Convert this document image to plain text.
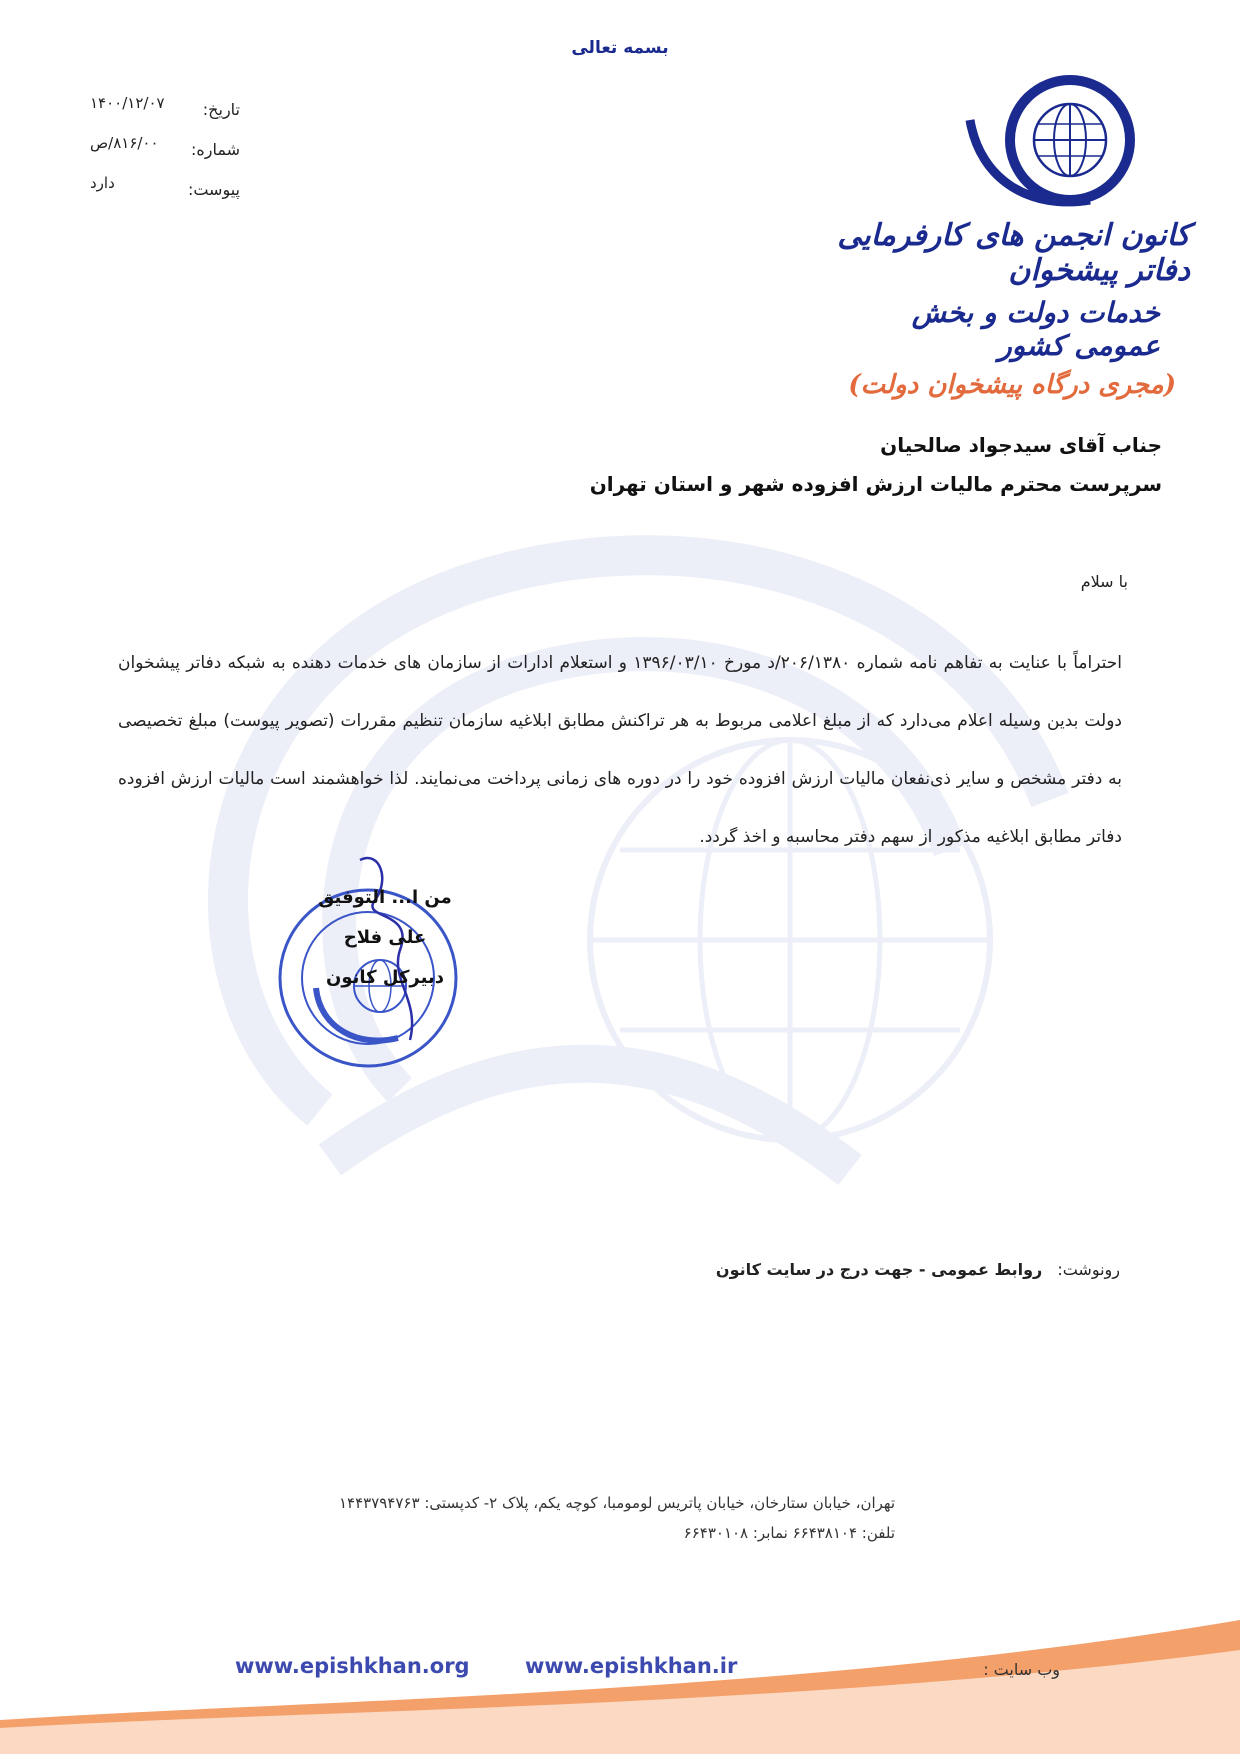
بسمه تعالی
تاریخ:
۱۴۰۰/۱۲/۰۷
شماره:
۸۱۶/۰۰/ص
پیوست:
دارد
کانون انجمن های کارفرمایی دفاتر پیشخوان
خدمات دولت و بخش عمومی کشور
(مجری درگاه پیشخوان دولت)
جناب آقای سیدجواد صالحیان
سرپرست محترم مالیات ارزش افزوده شهر و استان تهران
با سلام
احتراماً با عنایت به تفاهم نامه شماره ۲۰۶/۱۳۸۰/د مورخ ۱۳۹۶/۰۳/۱۰ و استعلام ادارات از سازمان های خدمات دهنده به شبکه دفاتر پیشخوان دولت بدین وسیله اعلام می‌دارد که از مبلغ اعلامی مربوط به هر تراکنش مطابق ابلاغیه سازمان تنظیم مقررات (تصویر پیوست) مبلغ تخصیصی به دفتر مشخص و سایر ذی‌نفعان مالیات ارزش افزوده خود را در دوره های زمانی پرداخت می‌نمایند. لذا خواهشمند است مالیات ارزش افزوده دفاتر مطابق ابلاغیه مذکور از سهم دفتر محاسبه و اخذ گردد.
من ا... التوفیق
علی فلاح
دبیرکل کانون
رونوشت: روابط عمومی - جهت درج در سایت کانون
تهران، خیابان ستارخان، خیابان پاتریس لومومبا، کوچه یکم، پلاک ۲- کدپستی: ۱۴۴۳۷۹۴۷۶۳
تلفن: ۶۶۴۳۸۱۰۴ نمابر: ۶۶۴۳۰۱۰۸
وب سایت :
www.epishkhan.ir
www.epishkhan.org
